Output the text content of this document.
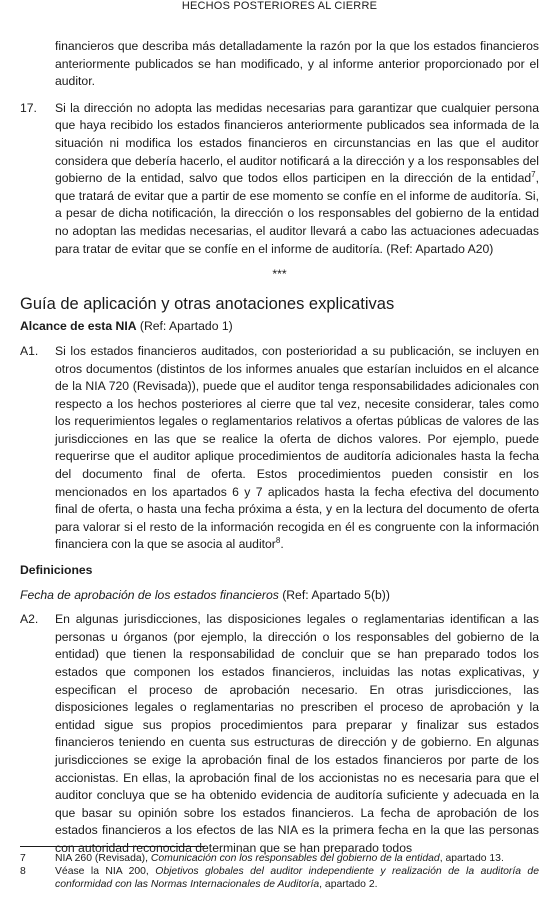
HECHOS POSTERIORES AL CIERRE
financieros que describa más detalladamente la razón por la que los estados financieros anteriormente publicados se han modificado, y al informe anterior proporcionado por el auditor.
17.	Si la dirección no adopta las medidas necesarias para garantizar que cualquier persona que haya recibido los estados financieros anteriormente publicados sea informada de la situación ni modifica los estados financieros en circunstancias en las que el auditor considera que debería hacerlo, el auditor notificará a la dirección y a los responsables del gobierno de la entidad, salvo que todos ellos participen en la dirección de la entidad$^7$, que tratará de evitar que a partir de ese momento se confíe en el informe de auditoría. Si, a pesar de dicha notificación, la dirección o los responsables del gobierno de la entidad no adoptan las medidas necesarias, el auditor llevará a cabo las actuaciones adecuadas para tratar de evitar que se confíe en el informe de auditoría. (Ref: Apartado A20)
***
Guía de aplicación y otras anotaciones explicativas
Alcance de esta NIA (Ref: Apartado 1)
A1.	Si los estados financieros auditados, con posterioridad a su publicación, se incluyen en otros documentos (distintos de los informes anuales que estarían incluidos en el alcance de la NIA 720 (Revisada)), puede que el auditor tenga responsabilidades adicionales con respecto a los hechos posteriores al cierre que tal vez, necesite considerar, tales como los requerimientos legales o reglamentarios relativos a ofertas públicas de valores de las jurisdicciones en las que se realice la oferta de dichos valores. Por ejemplo, puede requerirse que el auditor aplique procedimientos de auditoría adicionales hasta la fecha del documento final de oferta. Estos procedimientos pueden consistir en los mencionados en los apartados 6 y 7 aplicados hasta la fecha efectiva del documento final de oferta, o hasta una fecha próxima a ésta, y en la lectura del documento de oferta para valorar si el resto de la información recogida en él es congruente con la información financiera con la que se asocia al auditor$^8$.
Definiciones
Fecha de aprobación de los estados financieros (Ref: Apartado 5(b))
A2.	En algunas jurisdicciones, las disposiciones legales o reglamentarias identifican a las personas u órganos (por ejemplo, la dirección o los responsables del gobierno de la entidad) que tienen la responsabilidad de concluir que se han preparado todos los estados que componen los estados financieros, incluidas las notas explicativas, y especifican el proceso de aprobación necesario. En otras jurisdicciones, las disposiciones legales o reglamentarias no prescriben el proceso de aprobación y la entidad sigue sus propios procedimientos para preparar y finalizar sus estados financieros teniendo en cuenta sus estructuras de dirección y de gobierno. En algunas jurisdicciones se exige la aprobación final de los estados financieros por parte de los accionistas. En ellas, la aprobación final de los accionistas no es necesaria para que el auditor concluya que se ha obtenido evidencia de auditoría suficiente y adecuada en la que basar su opinión sobre los estados financieros. La fecha de aprobación de los estados financieros a los efectos de las NIA es la primera fecha en la que las personas con autoridad reconocida determinan que se han preparado todos
7	NIA 260 (Revisada), Comunicación con los responsables del gobierno de la entidad, apartado 13.
8	Véase la NIA 200, Objetivos globales del auditor independiente y realización de la auditoría de conformidad con las Normas Internacionales de Auditoría, apartado 2.
